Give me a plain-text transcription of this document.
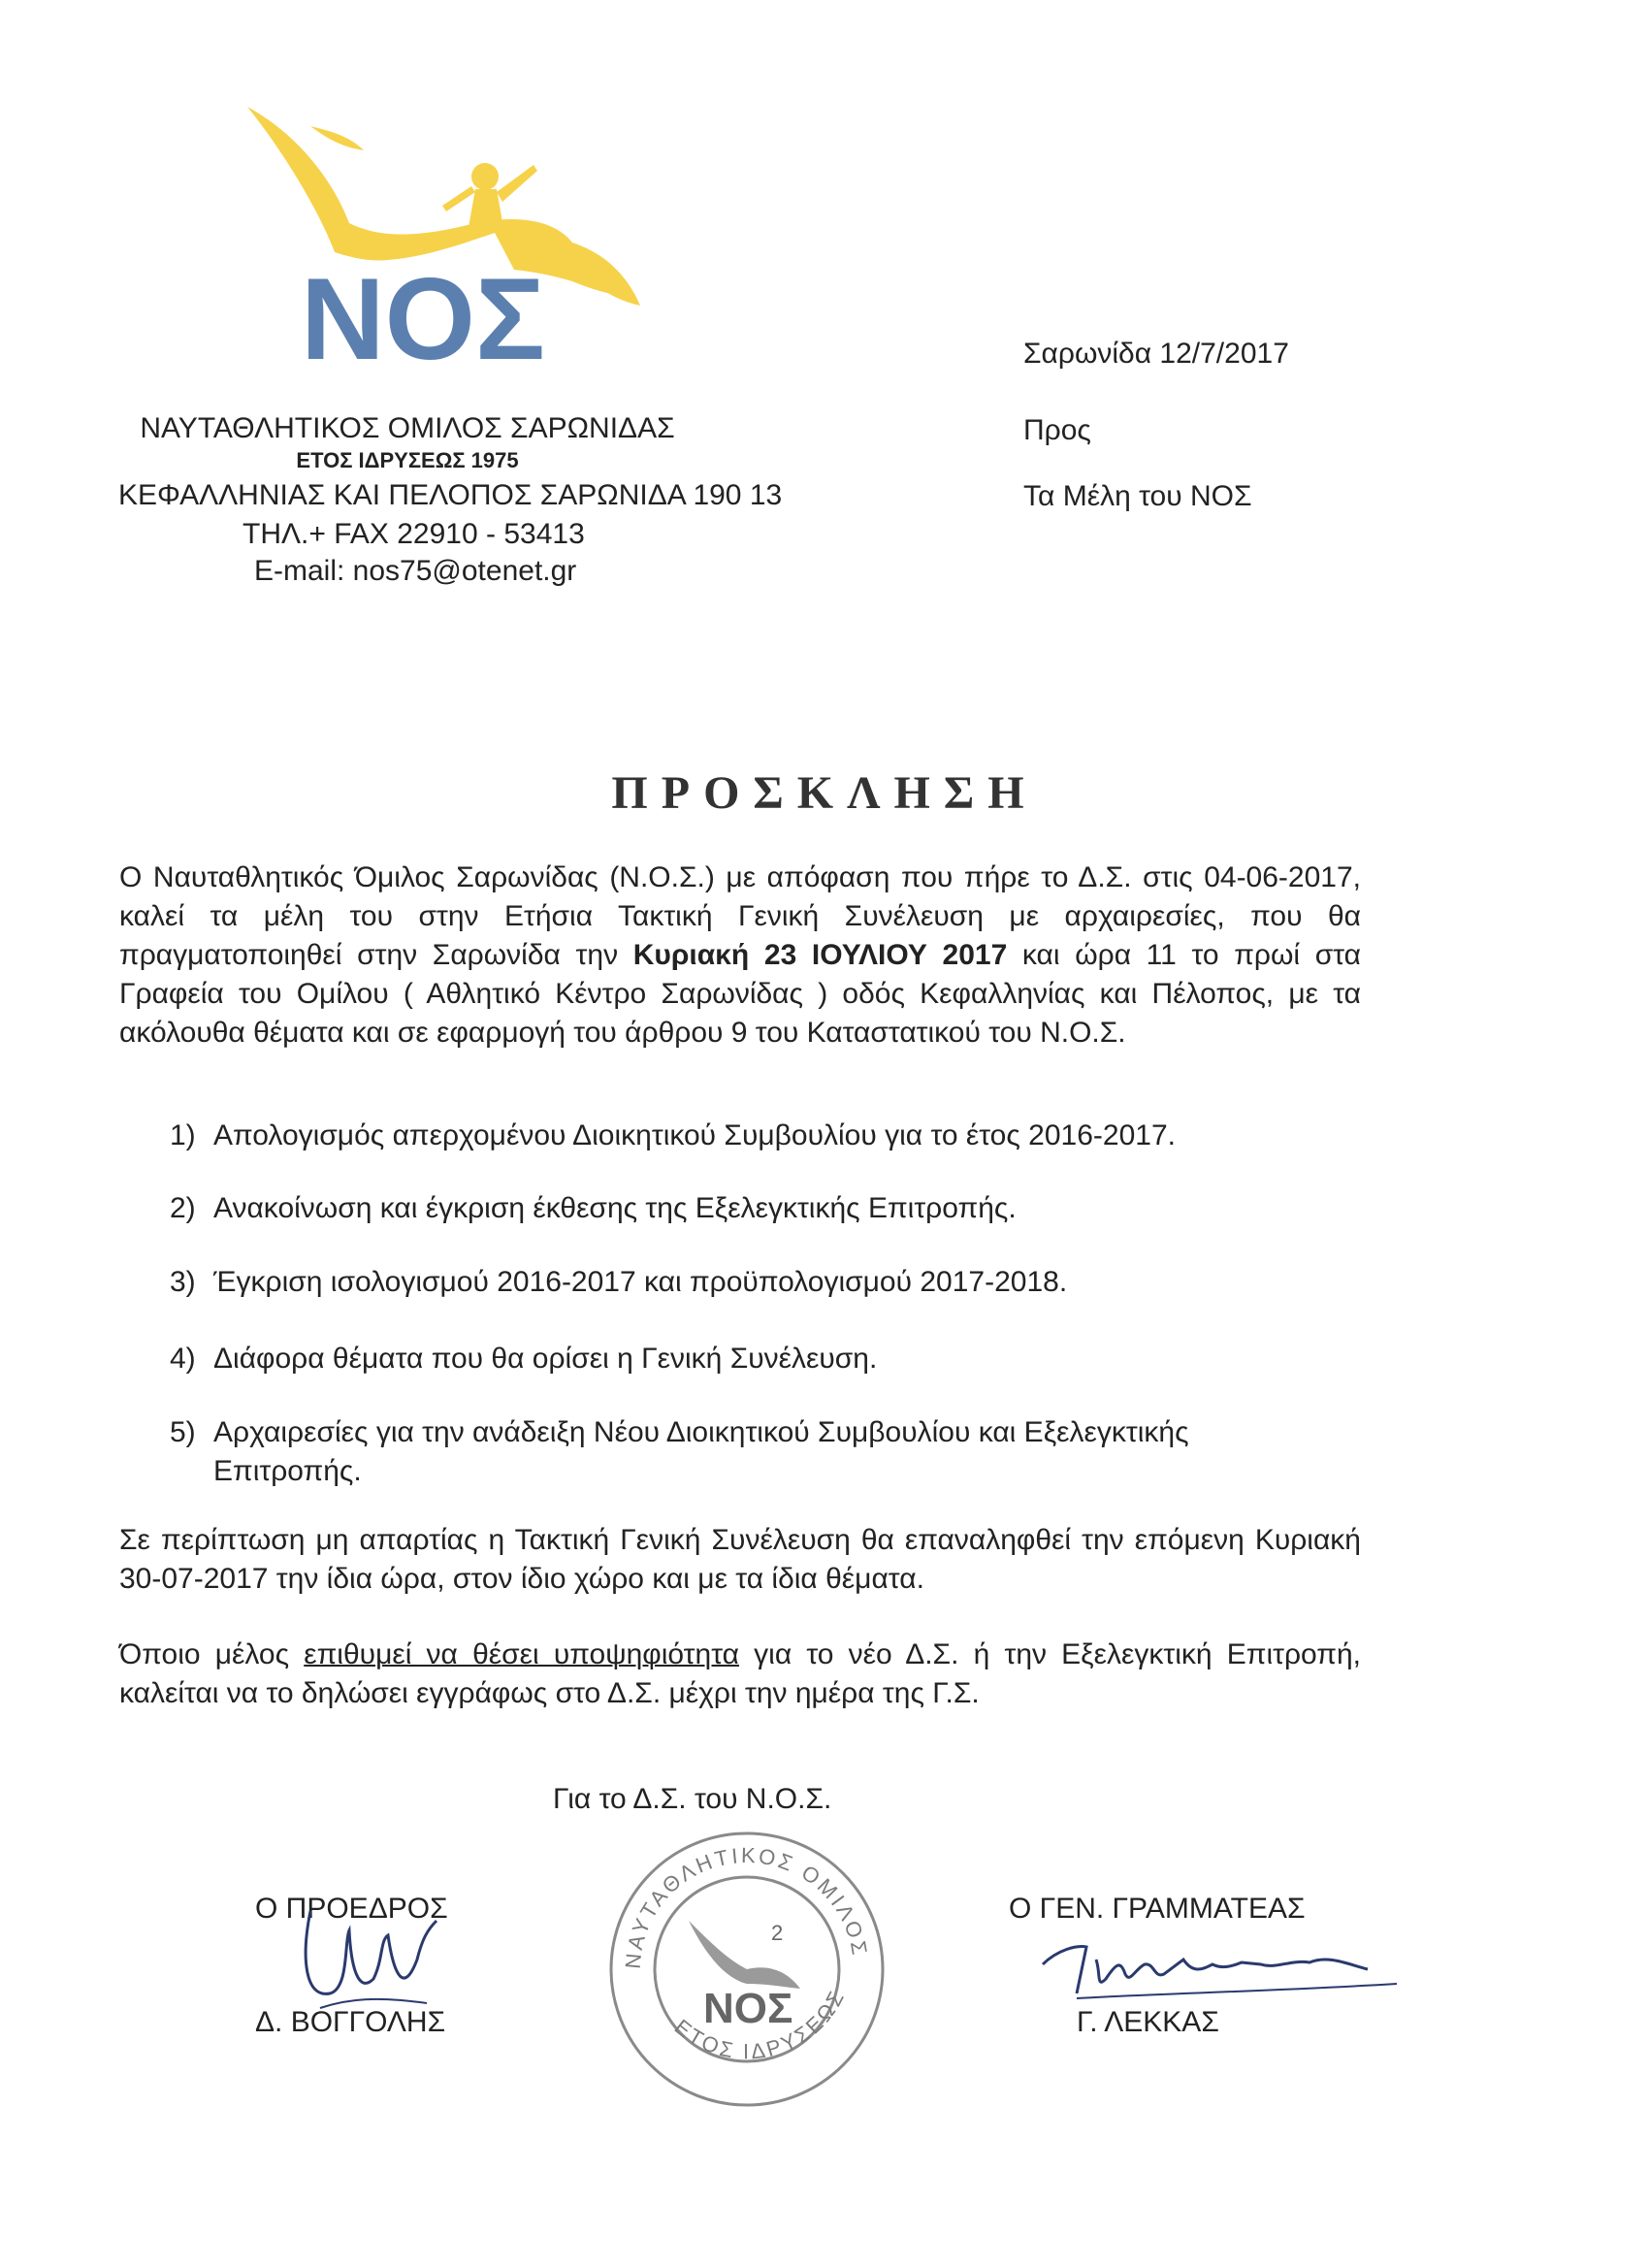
ΝΟΣ
ΝΑΥΤΑΘΛΗΤΙΚΟΣ ΟΜΙΛΟΣ ΣΑΡΩΝΙΔΑΣ
ΕΤΟΣ ΙΔΡΥΣΕΩΣ 1975
ΚΕΦΑΛΛΗΝΙΑΣ ΚΑΙ ΠΕΛΟΠΟΣ ΣΑΡΩΝΙΔΑ 190 13
ΤΗΛ.+ FAX 22910 - 53413
E-mail: nos75@otenet.gr
Σαρωνίδα 12/7/2017
Προς
Τα Μέλη του ΝΟΣ
ΠΡΟΣΚΛΗΣΗ
Ο Ναυταθλητικός Όμιλος Σαρωνίδας (Ν.Ο.Σ.) με απόφαση που πήρε το Δ.Σ. στις 04-06-2017, καλεί τα μέλη του στην Ετήσια Τακτική Γενική Συνέλευση με αρχαιρεσίες, που θα πραγματοποιηθεί στην Σαρωνίδα την Κυριακή 23 ΙΟΥΛΙΟΥ 2017 και ώρα 11 το πρωί στα Γραφεία του Ομίλου ( Αθλητικό Κέντρο Σαρωνίδας ) οδός Κεφαλληνίας και Πέλοπος, με τα ακόλουθα θέματα και σε εφαρμογή του άρθρου 9 του Καταστατικού του Ν.Ο.Σ.
1) Απολογισμός απερχομένου Διοικητικού Συμβουλίου για το έτος 2016-2017.
2) Ανακοίνωση και έγκριση έκθεσης της Εξελεγκτικής Επιτροπής.
3) Έγκριση ισολογισμού 2016-2017 και προϋπολογισμού 2017-2018.
4) Διάφορα θέματα που θα ορίσει η Γενική Συνέλευση.
5) Αρχαιρεσίες για την ανάδειξη Νέου Διοικητικού Συμβουλίου και Εξελεγκτικής Επιτροπής.
Σε περίπτωση μη απαρτίας η Τακτική Γενική Συνέλευση θα επαναληφθεί την επόμενη Κυριακή 30-07-2017 την ίδια ώρα, στον ίδιο χώρο και με τα ίδια θέματα.
Όποιο μέλος επιθυμεί να θέσει υποψηφιότητα για το νέο Δ.Σ. ή την Εξελεγκτική Επιτροπή, καλείται να το δηλώσει εγγράφως στο Δ.Σ. μέχρι την ημέρα της Γ.Σ.
Για το Δ.Σ. του Ν.Ο.Σ.
Ο ΠΡΟΕΔΡΟΣ
Δ. ΒΟΓΓΟΛΗΣ
Ο ΓΕΝ. ΓΡΑΜΜΑΤΕΑΣ
Γ. ΛΕΚΚΑΣ
ΝΑΥΤΑΘΛΗΤΙΚΟΣ ΟΜΙΛΟΣ
ΕΤΟΣ ΙΔΡΥΣΕΩΣ
2
ΝΟΣ
